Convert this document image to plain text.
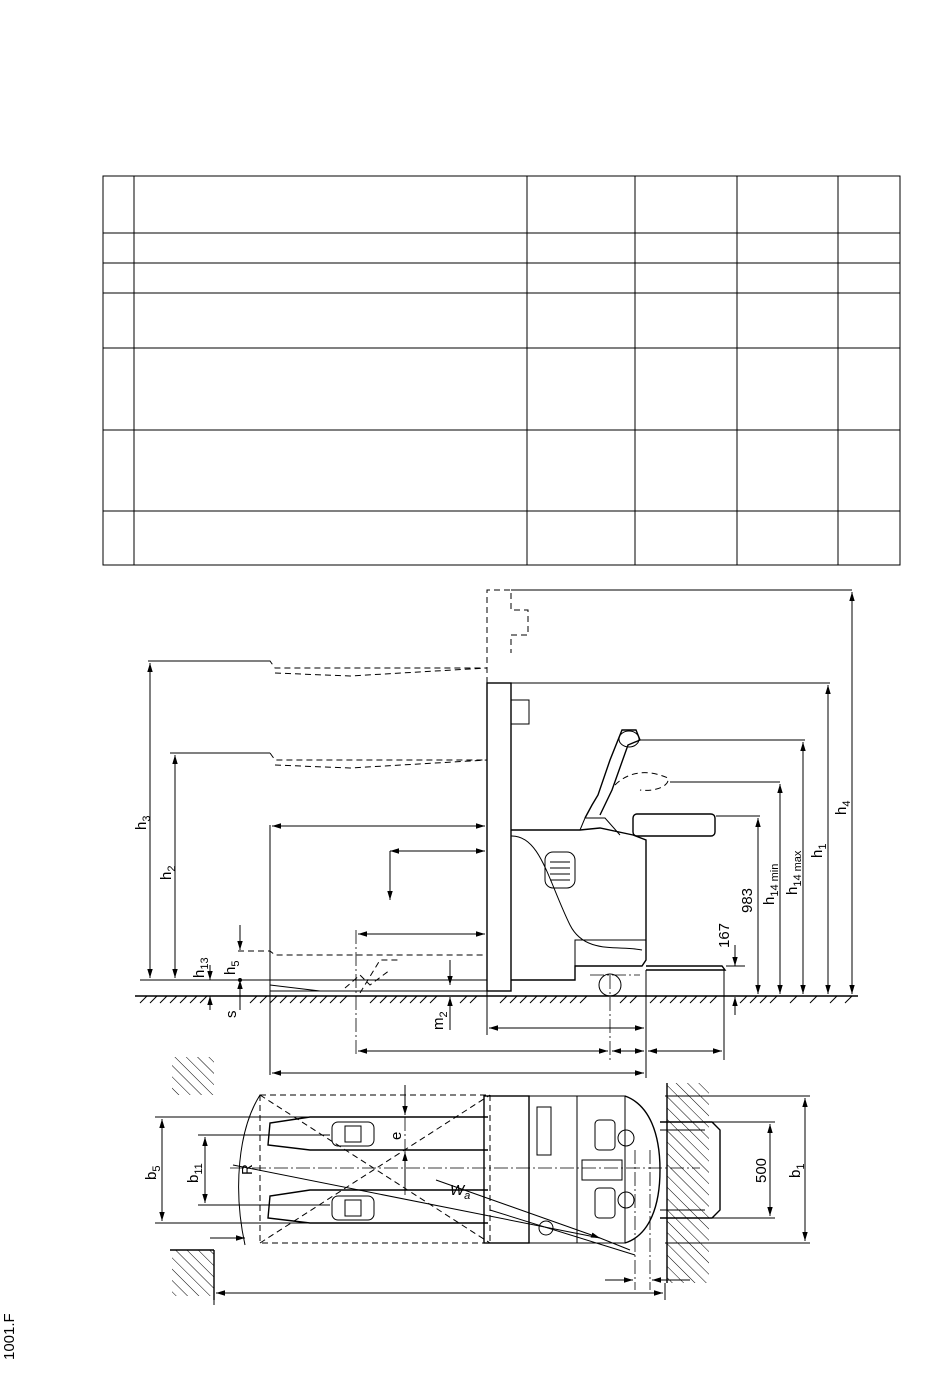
$h_3$
$h_2$
$h_{13}$
$h_5$
s
$m_2$
983
167
$h_{14 min}$ $h_{14 max}$ $h_1$
$h_4$
$b_5$
$b_{11}$ R
e
$W_a$
500 $b_1$
1001.F
